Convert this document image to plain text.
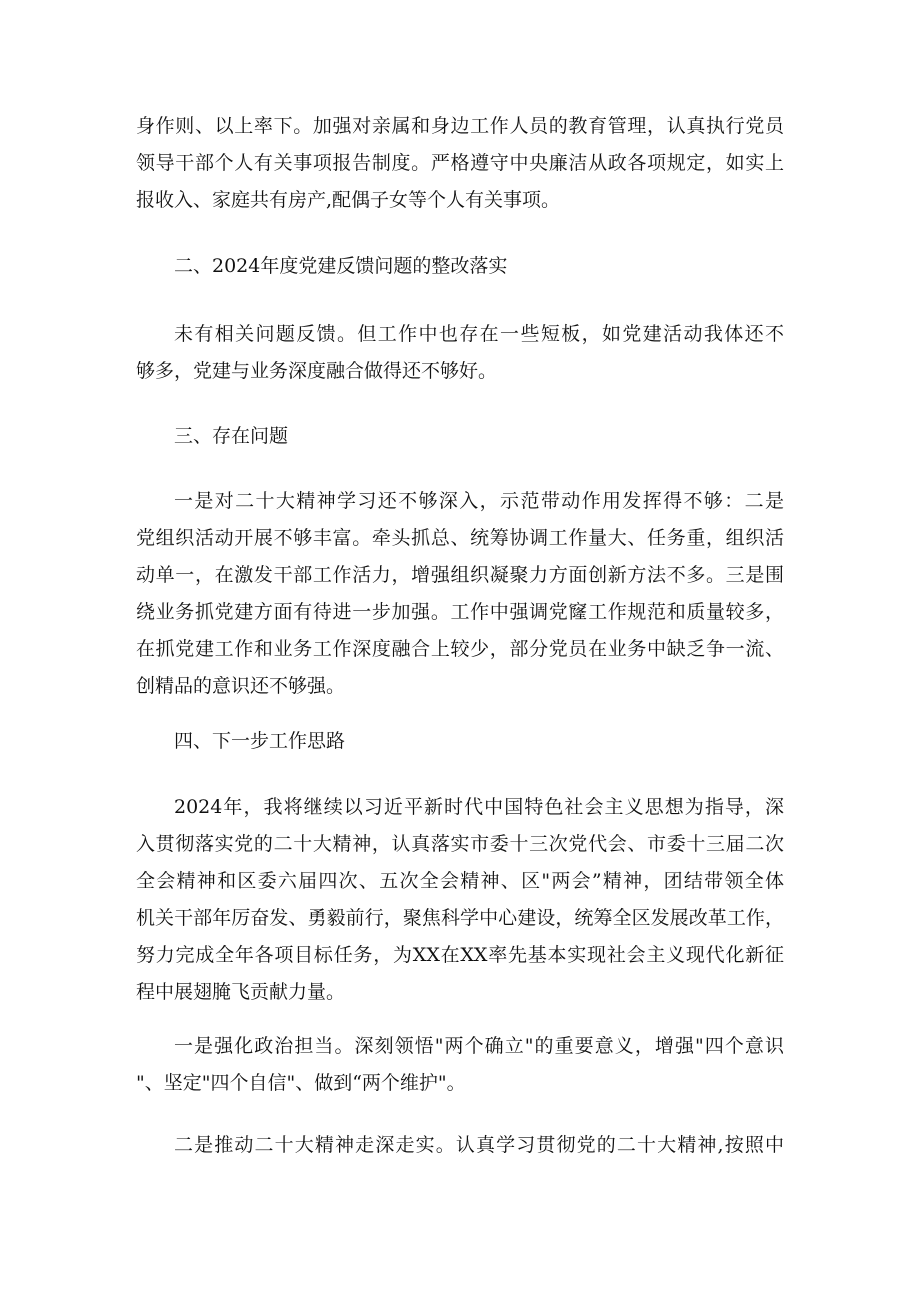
身作则、以上率下。加强对亲属和身边工作人员的教育管理，认真执行党员
领导干部个人有关事项报告制度。严格遵守中央廉洁从政各项规定，如实上
报收入、家庭共有房产,配偶子女等个人有关事项。
二、2024年度党建反馈问题的整改落实
未有相关问题反馈。但工作中也存在一些短板，如党建活动我体还不
够多，党建与业务深度融合做得还不够好。
三、存在问题
一是对二十大精神学习还不够深入，示范带动作用发挥得不够：二是
党组织活动开展不够丰富。牵头抓总、统筹协调工作量大、任务重，组织活
动单一，在激发干部工作活力，增强组织凝聚力方面创新方法不多。三是围
绕业务抓党建方面有待进一步加强。工作中强调党窿工作规范和质量较多，
在抓党建工作和业务工作深度融合上较少，部分党员在业务中缺乏争一流、
创精品的意识还不够强。
四、下一步工作思路
2024年，我将继续以习近平新时代中国特色社会主义思想为指导，深
入贯彻落实党的二十大精神，认真落实市委十三次党代会、市委十三届二次
全会精神和区委六届四次、五次全会精神、区"两会”精神，团结带领全体
机关干部年厉奋发、勇毅前行，聚焦科学中心建设，统筹全区发展改革工作，
努力完成全年各项目标任务，为XX在XX率先基本实现社会主义现代化新征
程中展翅腌飞贡献力量。
一是强化政治担当。深刻领悟"两个确立"的重要意义，增强"四个意识
"、坚定"四个自信"、做到“两个维护"。
二是推动二十大精神走深走实。认真学习贯彻党的二十大精神,按照中
